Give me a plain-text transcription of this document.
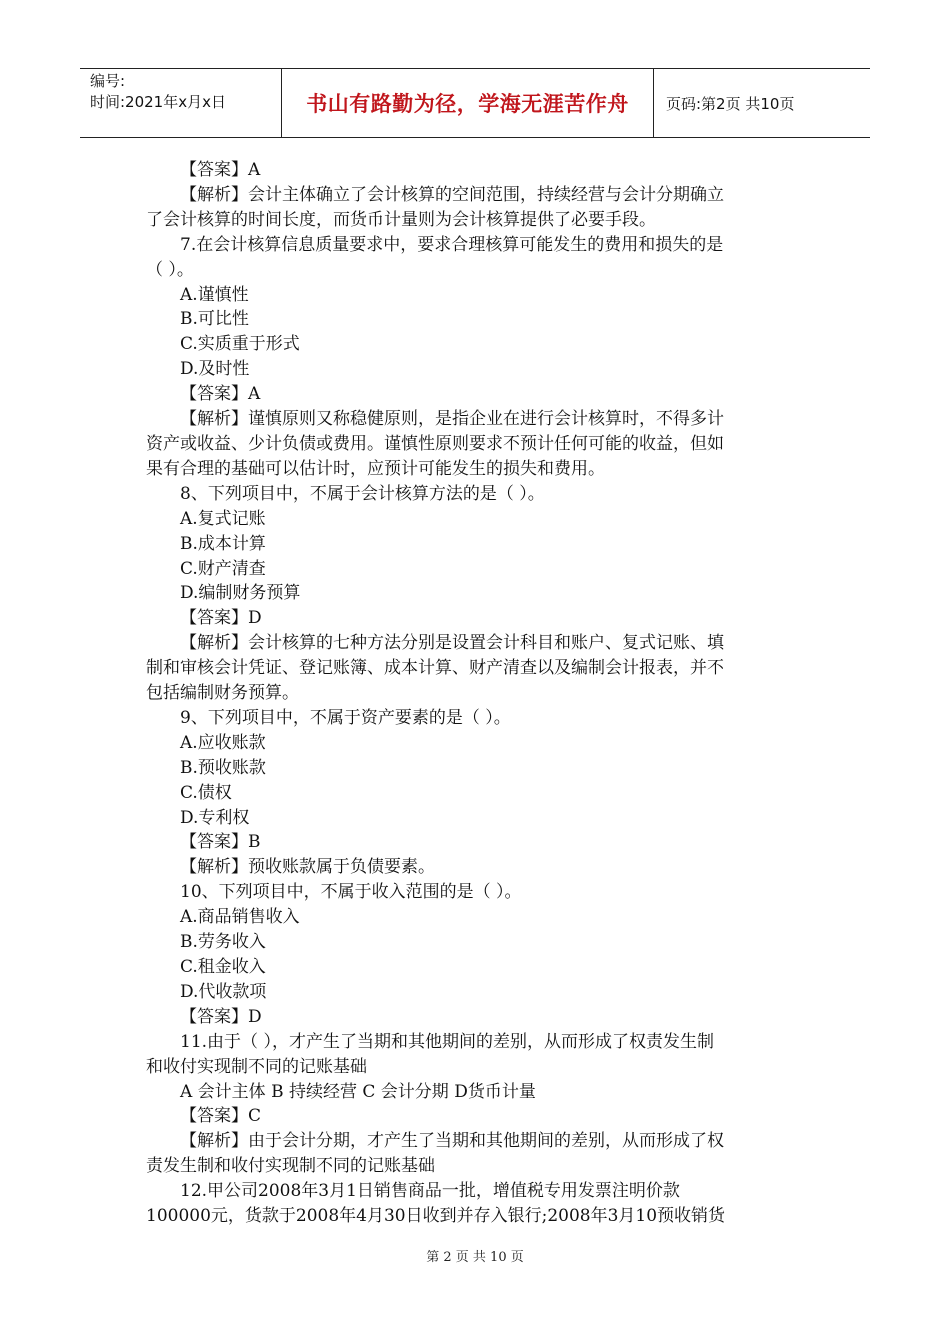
编号:
时间:2021年x月x日	书山有路勤为径，学海无涯苦作舟	页码:第2页 共10页
【答案】A
【解析】会计主体确立了会计核算的空间范围，持续经营与会计分期确立
了会计核算的时间长度，而货币计量则为会计核算提供了必要手段。
7.在会计核算信息质量要求中，要求合理核算可能发生的费用和损失的是
（ ）。
A.谨慎性
B.可比性
C.实质重于形式
D.及时性
【答案】A
【解析】谨慎原则又称稳健原则，是指企业在进行会计核算时，不得多计
资产或收益、少计负债或费用。谨慎性原则要求不预计任何可能的收益，但如
果有合理的基础可以估计时，应预计可能发生的损失和费用。
8、下列项目中，不属于会计核算方法的是（ ）。
A.复式记账
B.成本计算
C.财产清查
D.编制财务预算
【答案】D
【解析】会计核算的七种方法分别是设置会计科目和账户、复式记账、填
制和审核会计凭证、登记账簿、成本计算、财产清查以及编制会计报表，并不
包括编制财务预算。
9、下列项目中，不属于资产要素的是（ ）。
A.应收账款
B.预收账款
C.债权
D.专利权
【答案】B
【解析】预收账款属于负债要素。
10、下列项目中，不属于收入范围的是（ ）。
A.商品销售收入
B.劳务收入
C.租金收入
D.代收款项
【答案】D
11.由于（ ），才产生了当期和其他期间的差别，从而形成了权责发生制
和收付实现制不同的记账基础
A 会计主体 B 持续经营 C 会计分期 D货币计量
【答案】C
【解析】由于会计分期，才产生了当期和其他期间的差别，从而形成了权
责发生制和收付实现制不同的记账基础
12.甲公司2008年3月1日销售商品一批，增值税专用发票注明价款
100000元，货款于2008年4月30日收到并存入银行;2008年3月10预收销货
第 2 页 共 10 页
